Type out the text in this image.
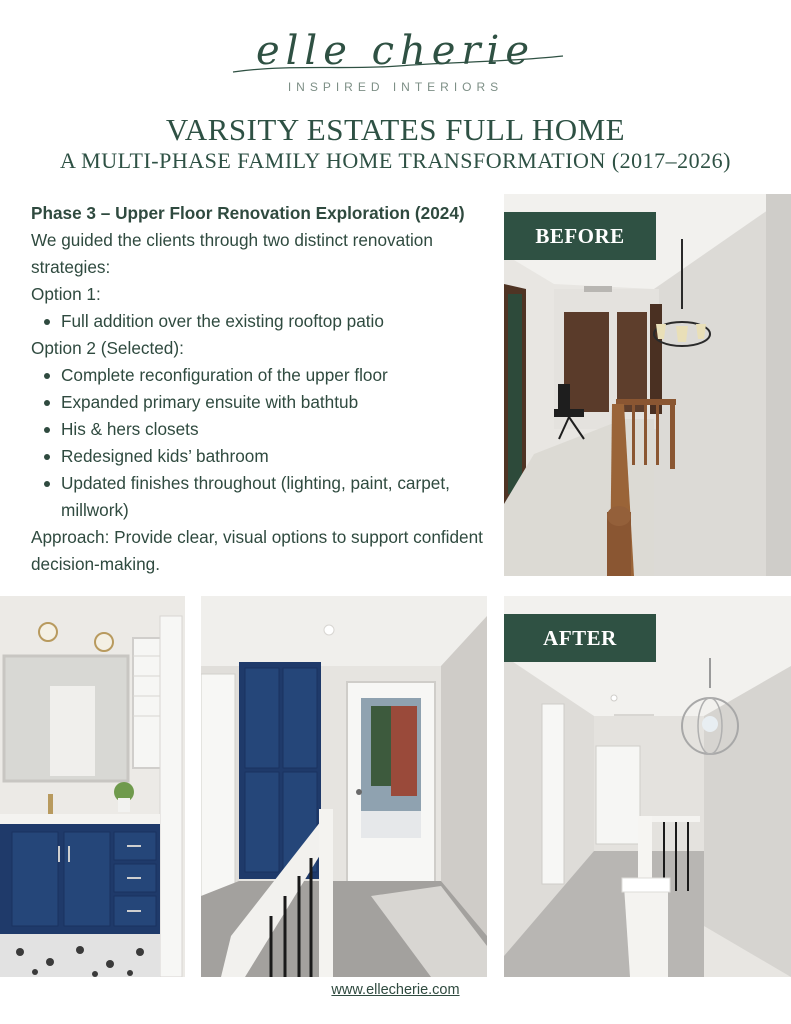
elle cherie
INSPIRED INTERIORS
VARSITY ESTATES FULL HOME
A MULTI-PHASE FAMILY HOME TRANSFORMATION (2017–2026)
Phase 3 – Upper Floor Renovation Exploration (2024)
We guided the clients through two distinct renovation strategies:
Option 1:
Full addition over the existing rooftop patio
Option 2 (Selected):
Complete reconfiguration of the upper floor
Expanded primary ensuite with bathtub
His & hers closets
Redesigned kids’ bathroom
Updated finishes throughout (lighting, paint, carpet, millwork)
Approach: Provide clear, visual options to support confident decision-making.
BEFORE
AFTER
www.ellecherie.com
